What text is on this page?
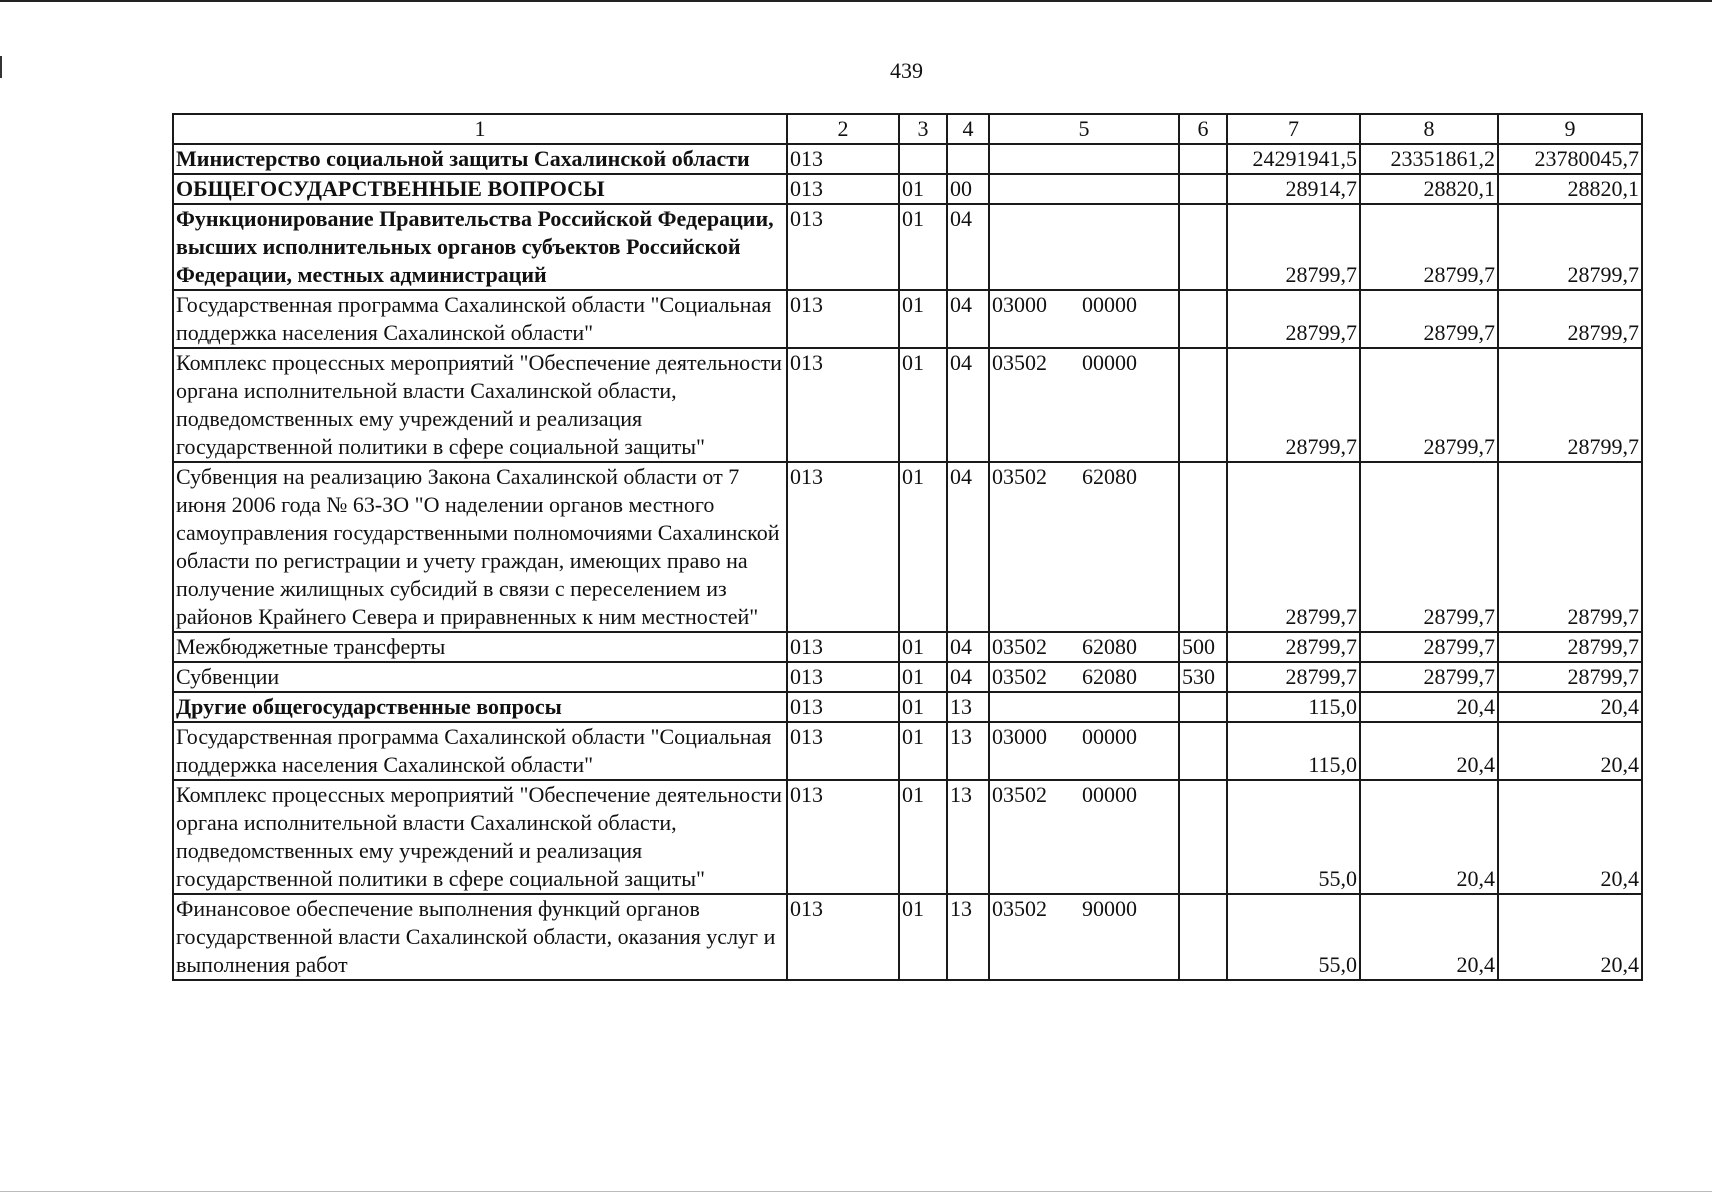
439
1	2	3	4	5	6	7	8	9
Министерство социальной защиты Сахалинской области	013					24291941,5	23351861,2	23780045,7
ОБЩЕГОСУДАРСТВЕННЫЕ ВОПРОСЫ	013	01	00			28914,7	28820,1	28820,1
Функционирование Правительства Российской Федерации, высших исполнительных органов субъектов Российской Федерации, местных администраций	013	01	04			28799,7	28799,7	28799,7
Государственная программа Сахалинской области "Социальная поддержка населения Сахалинской области"	013	01	04	03000 00000		28799,7	28799,7	28799,7
Комплекс процессных мероприятий "Обеспечение деятельности органа исполнительной власти Сахалинской области, подведомственных ему учреждений и реализация государственной политики в сфере социальной защиты"	013	01	04	03502 00000		28799,7	28799,7	28799,7
Субвенция на реализацию Закона Сахалинской области от 7 июня 2006 года № 63-ЗО "О наделении органов местного самоуправления государственными полномочиями Сахалинской области по регистрации и учету граждан, имеющих право на получение жилищных субсидий в связи с переселением из районов Крайнего Севера и приравненных к ним местностей"	013	01	04	03502 62080		28799,7	28799,7	28799,7
Межбюджетные трансферты	013	01	04	03502 62080	500	28799,7	28799,7	28799,7
Субвенции	013	01	04	03502 62080	530	28799,7	28799,7	28799,7
Другие общегосударственные вопросы	013	01	13			115,0	20,4	20,4
Государственная программа Сахалинской области "Социальная поддержка населения Сахалинской области"	013	01	13	03000 00000		115,0	20,4	20,4
Комплекс процессных мероприятий "Обеспечение деятельности органа исполнительной власти Сахалинской области, подведомственных ему учреждений и реализация государственной политики в сфере социальной защиты"	013	01	13	03502 00000		55,0	20,4	20,4
Финансовое обеспечение выполнения функций органов государственной власти Сахалинской области, оказания услуг и выполнения работ	013	01	13	03502 90000		55,0	20,4	20,4
